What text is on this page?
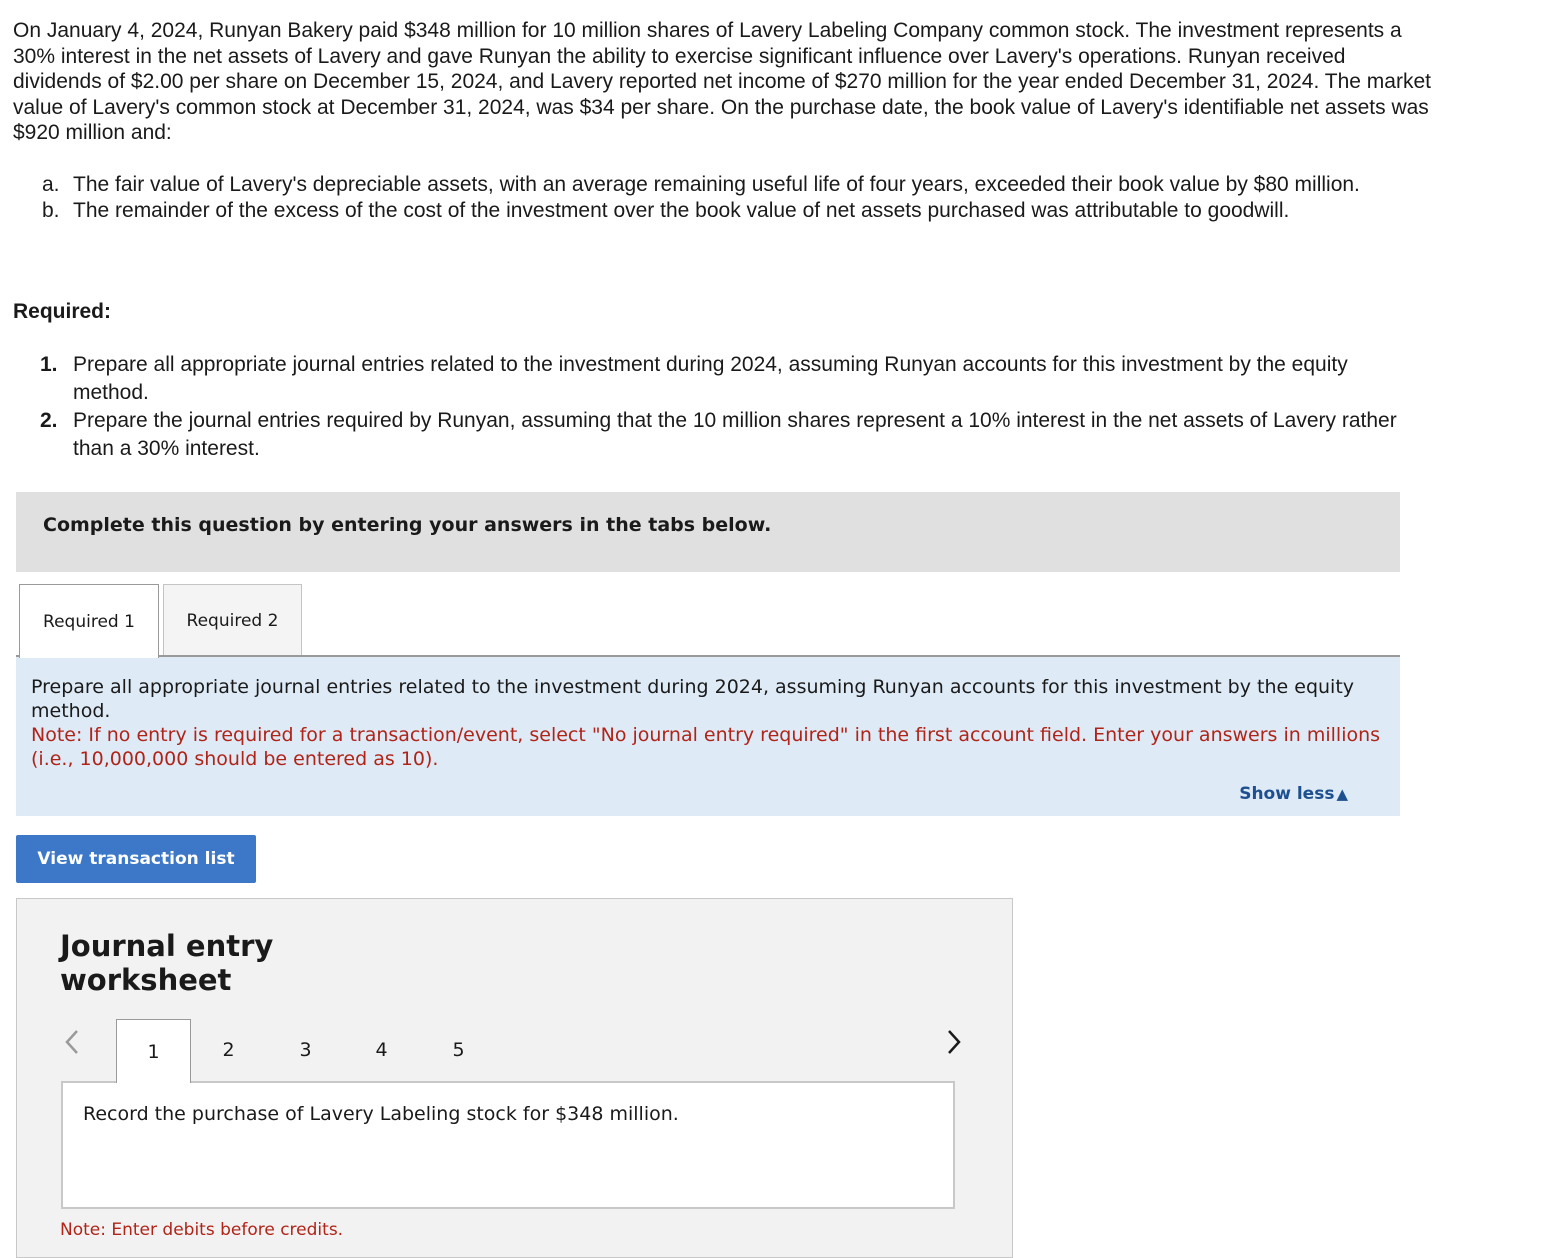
On January 4, 2024, Runyan Bakery paid $348 million for 10 million shares of Lavery Labeling Company common stock. The investment represents a 30% interest in the net assets of Lavery and gave Runyan the ability to exercise significant influence over Lavery's operations. Runyan received dividends of $2.00 per share on December 15, 2024, and Lavery reported net income of $270 million for the year ended December 31, 2024. The market value of Lavery's common stock at December 31, 2024, was $34 per share. On the purchase date, the book value of Lavery's identifiable net assets was $920 million and:

a. The fair value of Lavery's depreciable assets, with an average remaining useful life of four years, exceeded their book value by $80 million.
b. The remainder of the excess of the cost of the investment over the book value of net assets purchased was attributable to goodwill.
Required:
1. Prepare all appropriate journal entries related to the investment during 2024, assuming Runyan accounts for this investment by the equity method.
2. Prepare the journal entries required by Runyan, assuming that the 10 million shares represent a 10% interest in the net assets of Lavery rather than a 30% interest.
Complete this question by entering your answers in the tabs below.
Required 1	Required 2
Prepare all appropriate journal entries related to the investment during 2024, assuming Runyan accounts for this investment by the equity method.
Note: If no entry is required for a transaction/event, select "No journal entry required" in the first account field. Enter your answers in millions (i.e., 10,000,000 should be entered as 10).
Show less ▲
View transaction list
Journal entry
worksheet
1	2	3	4	5
Record the purchase of Lavery Labeling stock for $348 million.
Note: Enter debits before credits.
